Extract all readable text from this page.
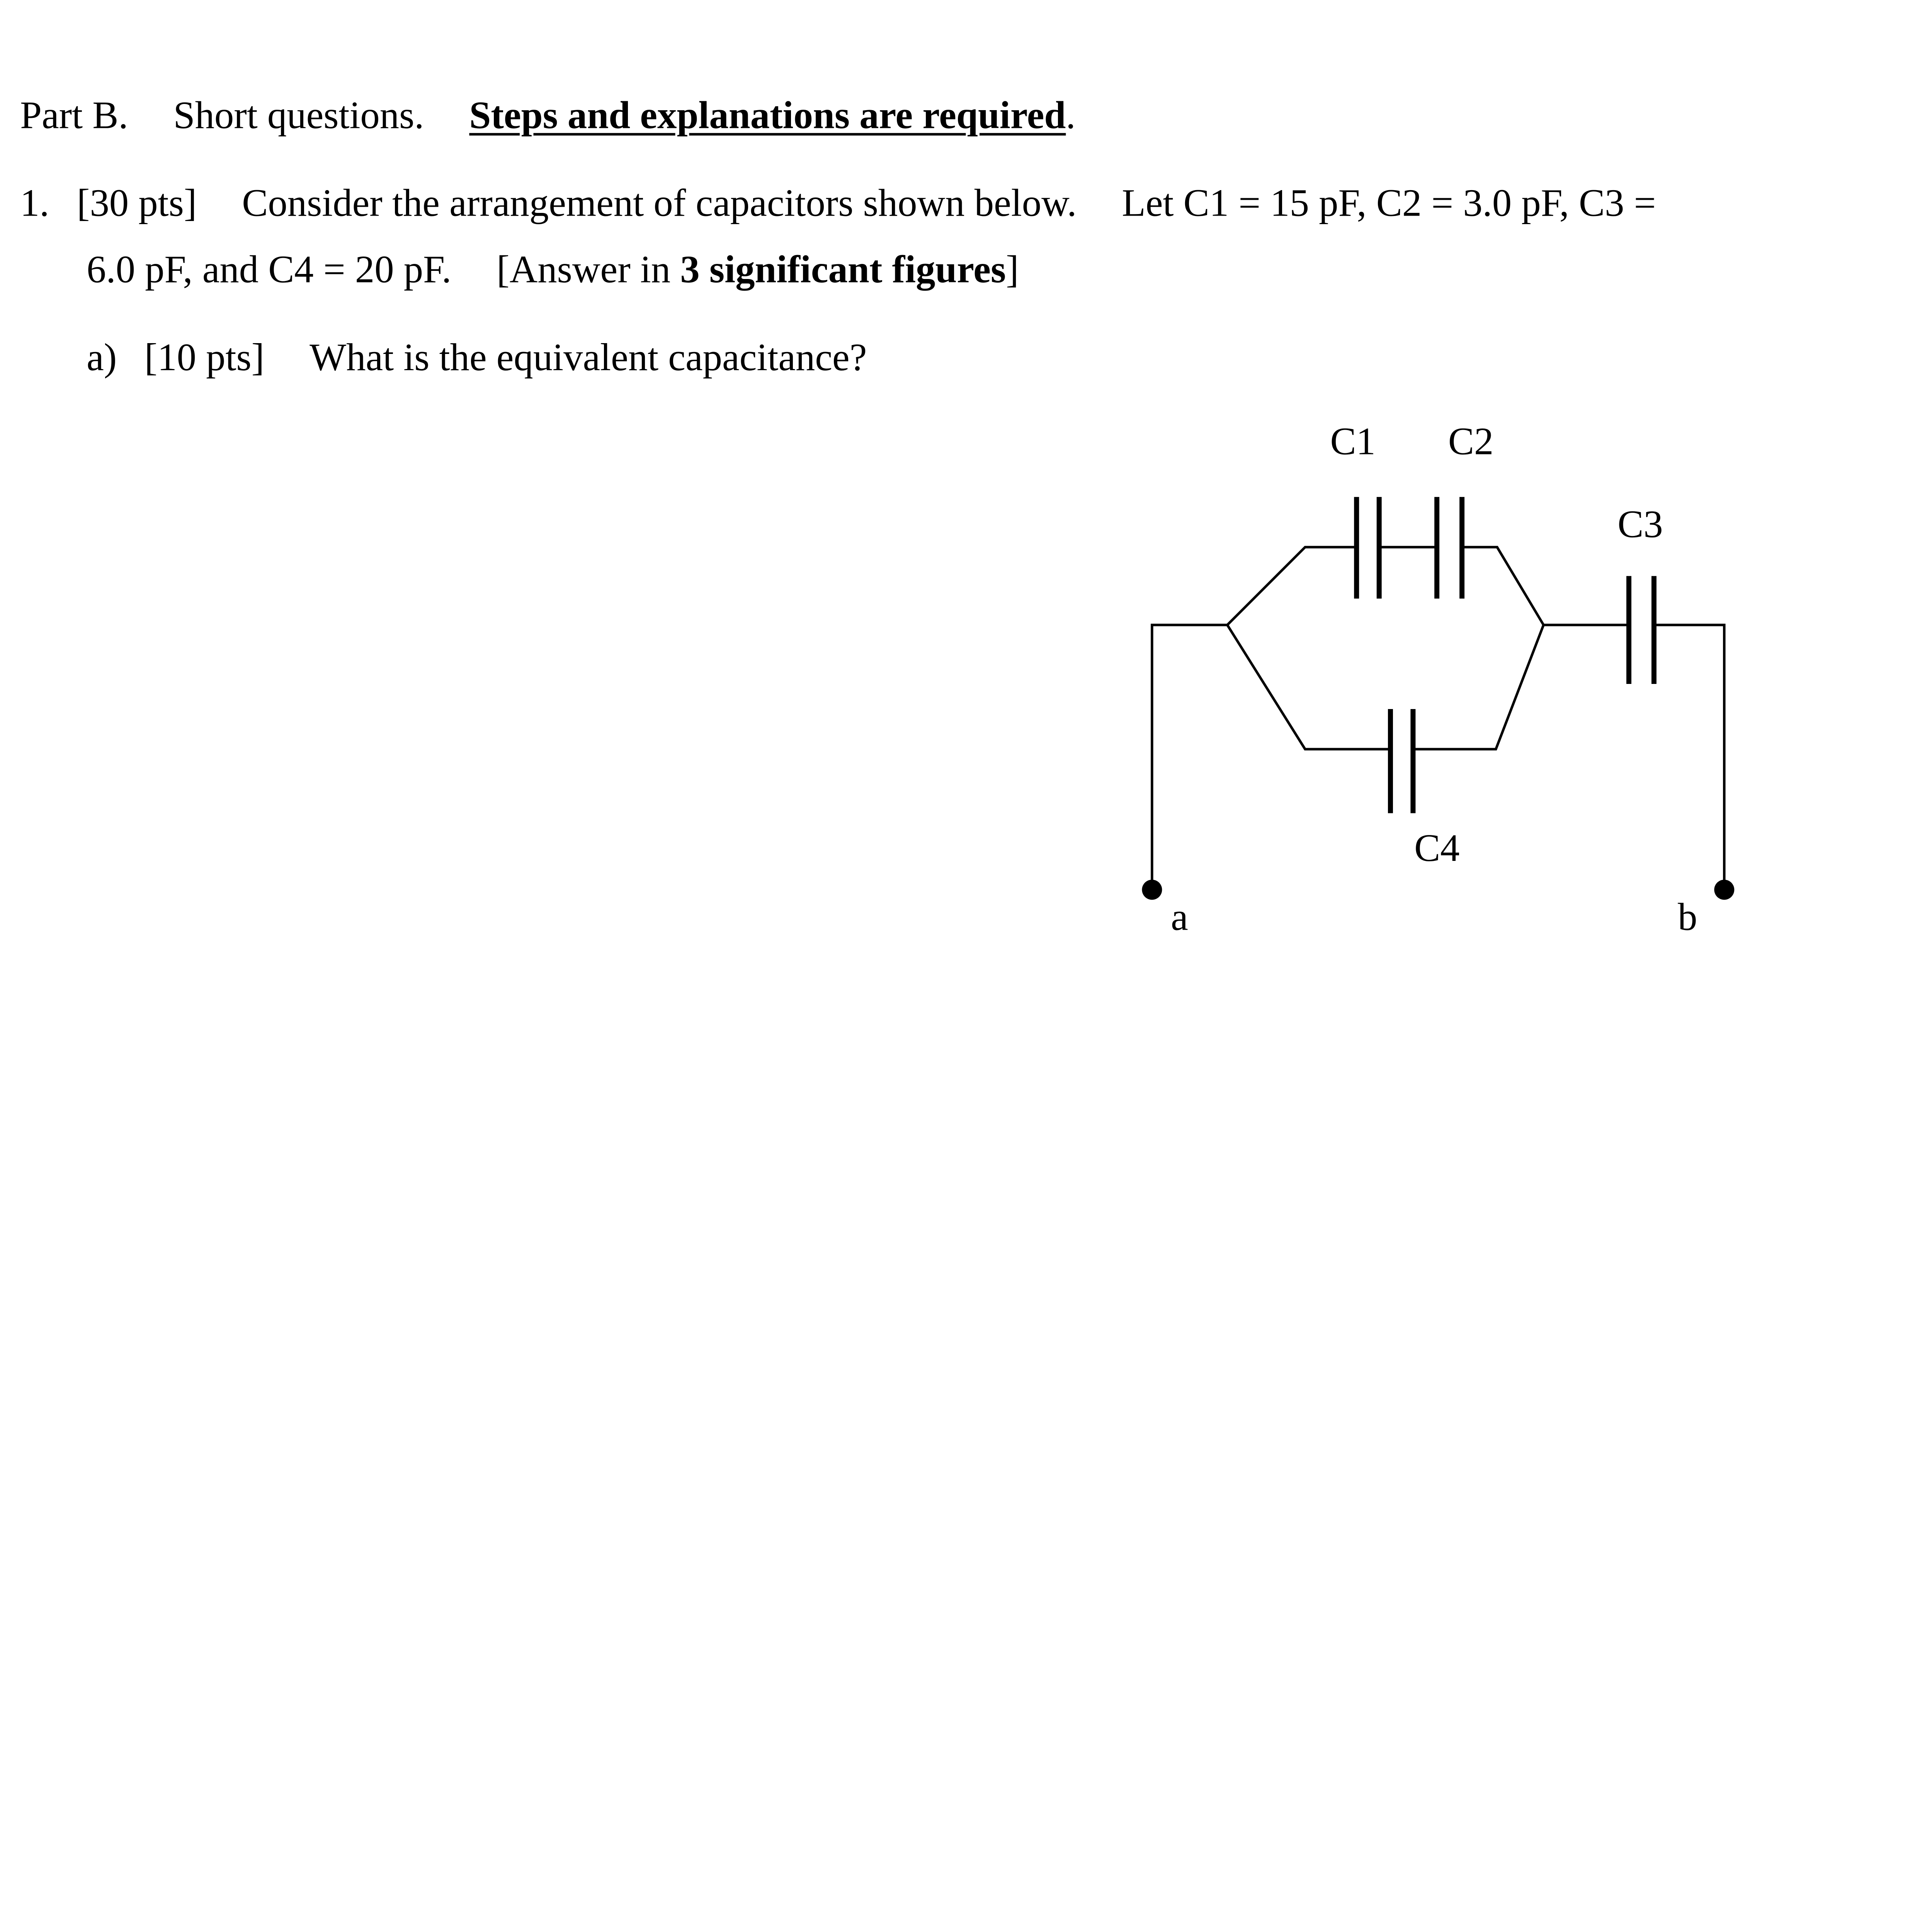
Part B.	Short questions.	Steps and explanations are required.
1. [30 pts]	Consider the arrangement of capacitors shown below.	Let C1 = 15 pF, C2 = 3.0 pF, C3 =
6.0 pF, and C4 = 20 pF.	[Answer in 3 significant figures]
a) [10 pts]	What is the equivalent capacitance?
C1	C2
C3
C4
a	b
